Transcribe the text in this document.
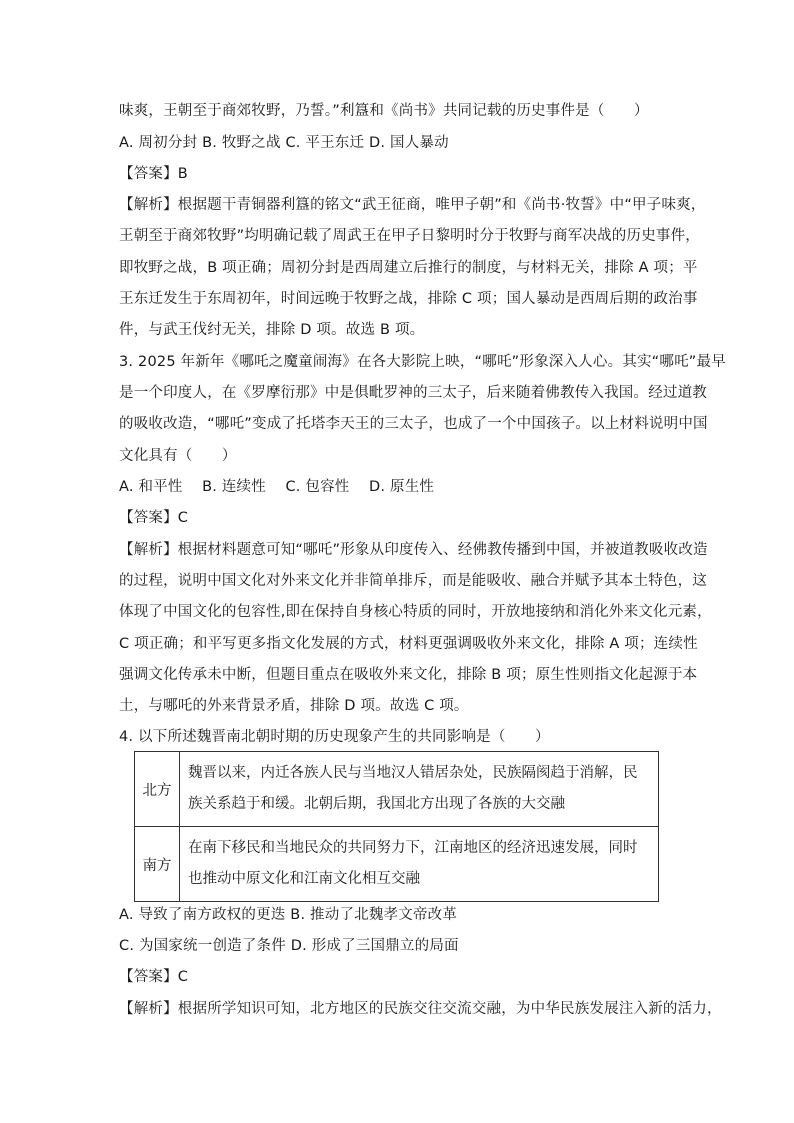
味爽，王朝至于商郊牧野，乃誓。”利簋和《尚书》共同记载的历史事件是（　　）
A. 周初分封 B. 牧野之战 C. 平王东迁 D. 国人暴动
【答案】B
【解析】根据题干青铜器利簋的铭文“武王征商，唯甲子朝”和《尚书·牧誓》中“甲子味爽，
王朝至于商郊牧野”均明确记载了周武王在甲子日黎明时分于牧野与商军决战的历史事件，
即牧野之战，B 项正确；周初分封是西周建立后推行的制度，与材料无关，排除 A 项；平
王东迁发生于东周初年，时间远晚于牧野之战，排除 C 项；国人暴动是西周后期的政治事
件，与武王伐纣无关，排除 D 项。故选 B 项。
3. 2025 年新年《哪吒之魔童闹海》在各大影院上映，“哪吒”形象深入人心。其实“哪吒”最早
是一个印度人，在《罗摩衍那》中是俱毗罗神的三太子，后来随着佛教传入我国。经过道教
的吸收改造，“哪吒”变成了托塔李天王的三太子，也成了一个中国孩子。以上材料说明中国
文化具有（　　）
A. 和平性　 B. 连续性　 C. 包容性　 D. 原生性
【答案】C
【解析】根据材料题意可知“哪吒”形象从印度传入、经佛教传播到中国，并被道教吸收改造
的过程，说明中国文化对外来文化并非简单排斥，而是能吸收、融合并赋予其本土特色，这
体现了中国文化的包容性,即在保持自身核心特质的同时，开放地接纳和消化外来文化元素，
C 项正确；和平写更多指文化发展的方式，材料更强调吸收外来文化，排除 A 项；连续性
强调文化传承未中断，但题目重点在吸收外来文化，排除 B 项；原生性则指文化起源于本
土，与哪吒的外来背景矛盾，排除 D 项。故选 C 项。
4. 以下所述魏晋南北朝时期的历史现象产生的共同影响是（　　）
北方	魏晋以来，内迁各族人民与当地汉人错居杂处，民族隔阂趋于消解，民族关系趋于和缓。北朝后期，我国北方出现了各族的大交融

南方	在南下移民和当地民众的共同努力下，江南地区的经济迅速发展，同时也推动中原文化和江南文化相互交融
A. 导致了南方政权的更迭 B. 推动了北魏孝文帝改革
C. 为国家统一创造了条件 D. 形成了三国鼎立的局面
【答案】C
【解析】根据所学知识可知，北方地区的民族交往交流交融，为中华民族发展注入新的活力，
